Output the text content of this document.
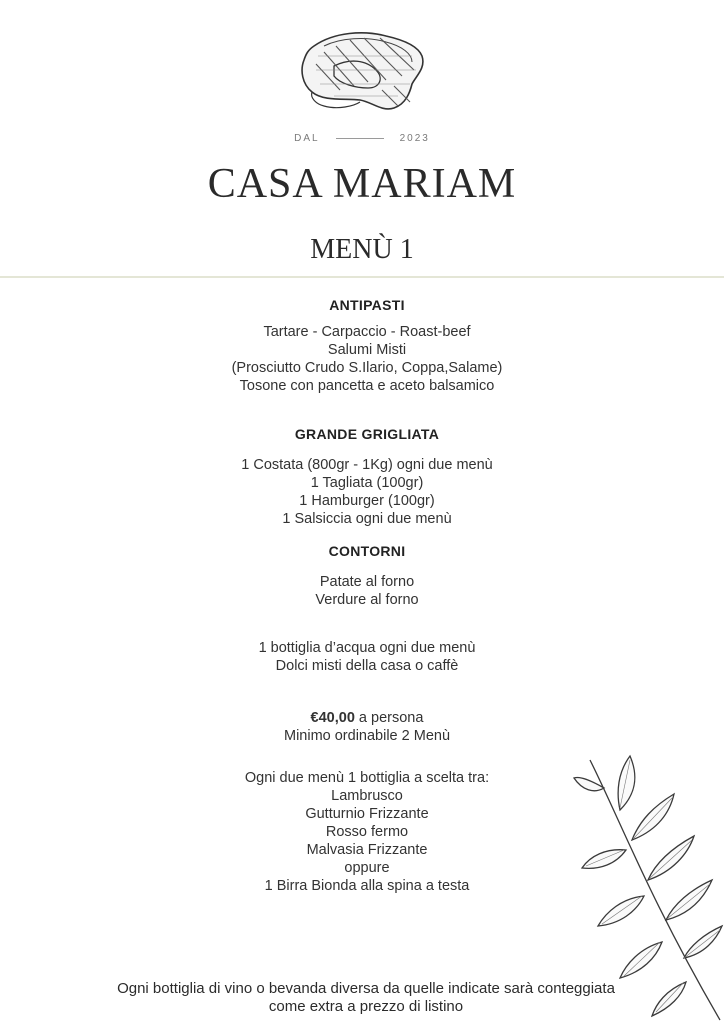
DAL	2023
CASA MARIAM
MENÙ 1
ANTIPASTI
Tartare - Carpaccio - Roast-beef
Salumi Misti
(Prosciutto Crudo S.Ilario, Coppa,Salame)
Tosone con pancetta e aceto balsamico
GRANDE GRIGLIATA
1 Costata (800gr - 1Kg) ogni due menù
1 Tagliata (100gr)
1 Hamburger (100gr)
1 Salsiccia ogni due menù
CONTORNI
Patate al forno
Verdure al forno
1 bottiglia d’acqua ogni due menù
Dolci misti della casa o caffè
€40,00 a persona
Minimo ordinabile 2 Menù
Ogni due menù 1 bottiglia a scelta tra:
Lambrusco
Gutturnio Frizzante
Rosso fermo
Malvasia Frizzante
oppure
1 Birra Bionda alla spina a testa
Ogni bottiglia di vino o bevanda diversa da quelle indicate sarà conteggiata
come extra a prezzo di listino
